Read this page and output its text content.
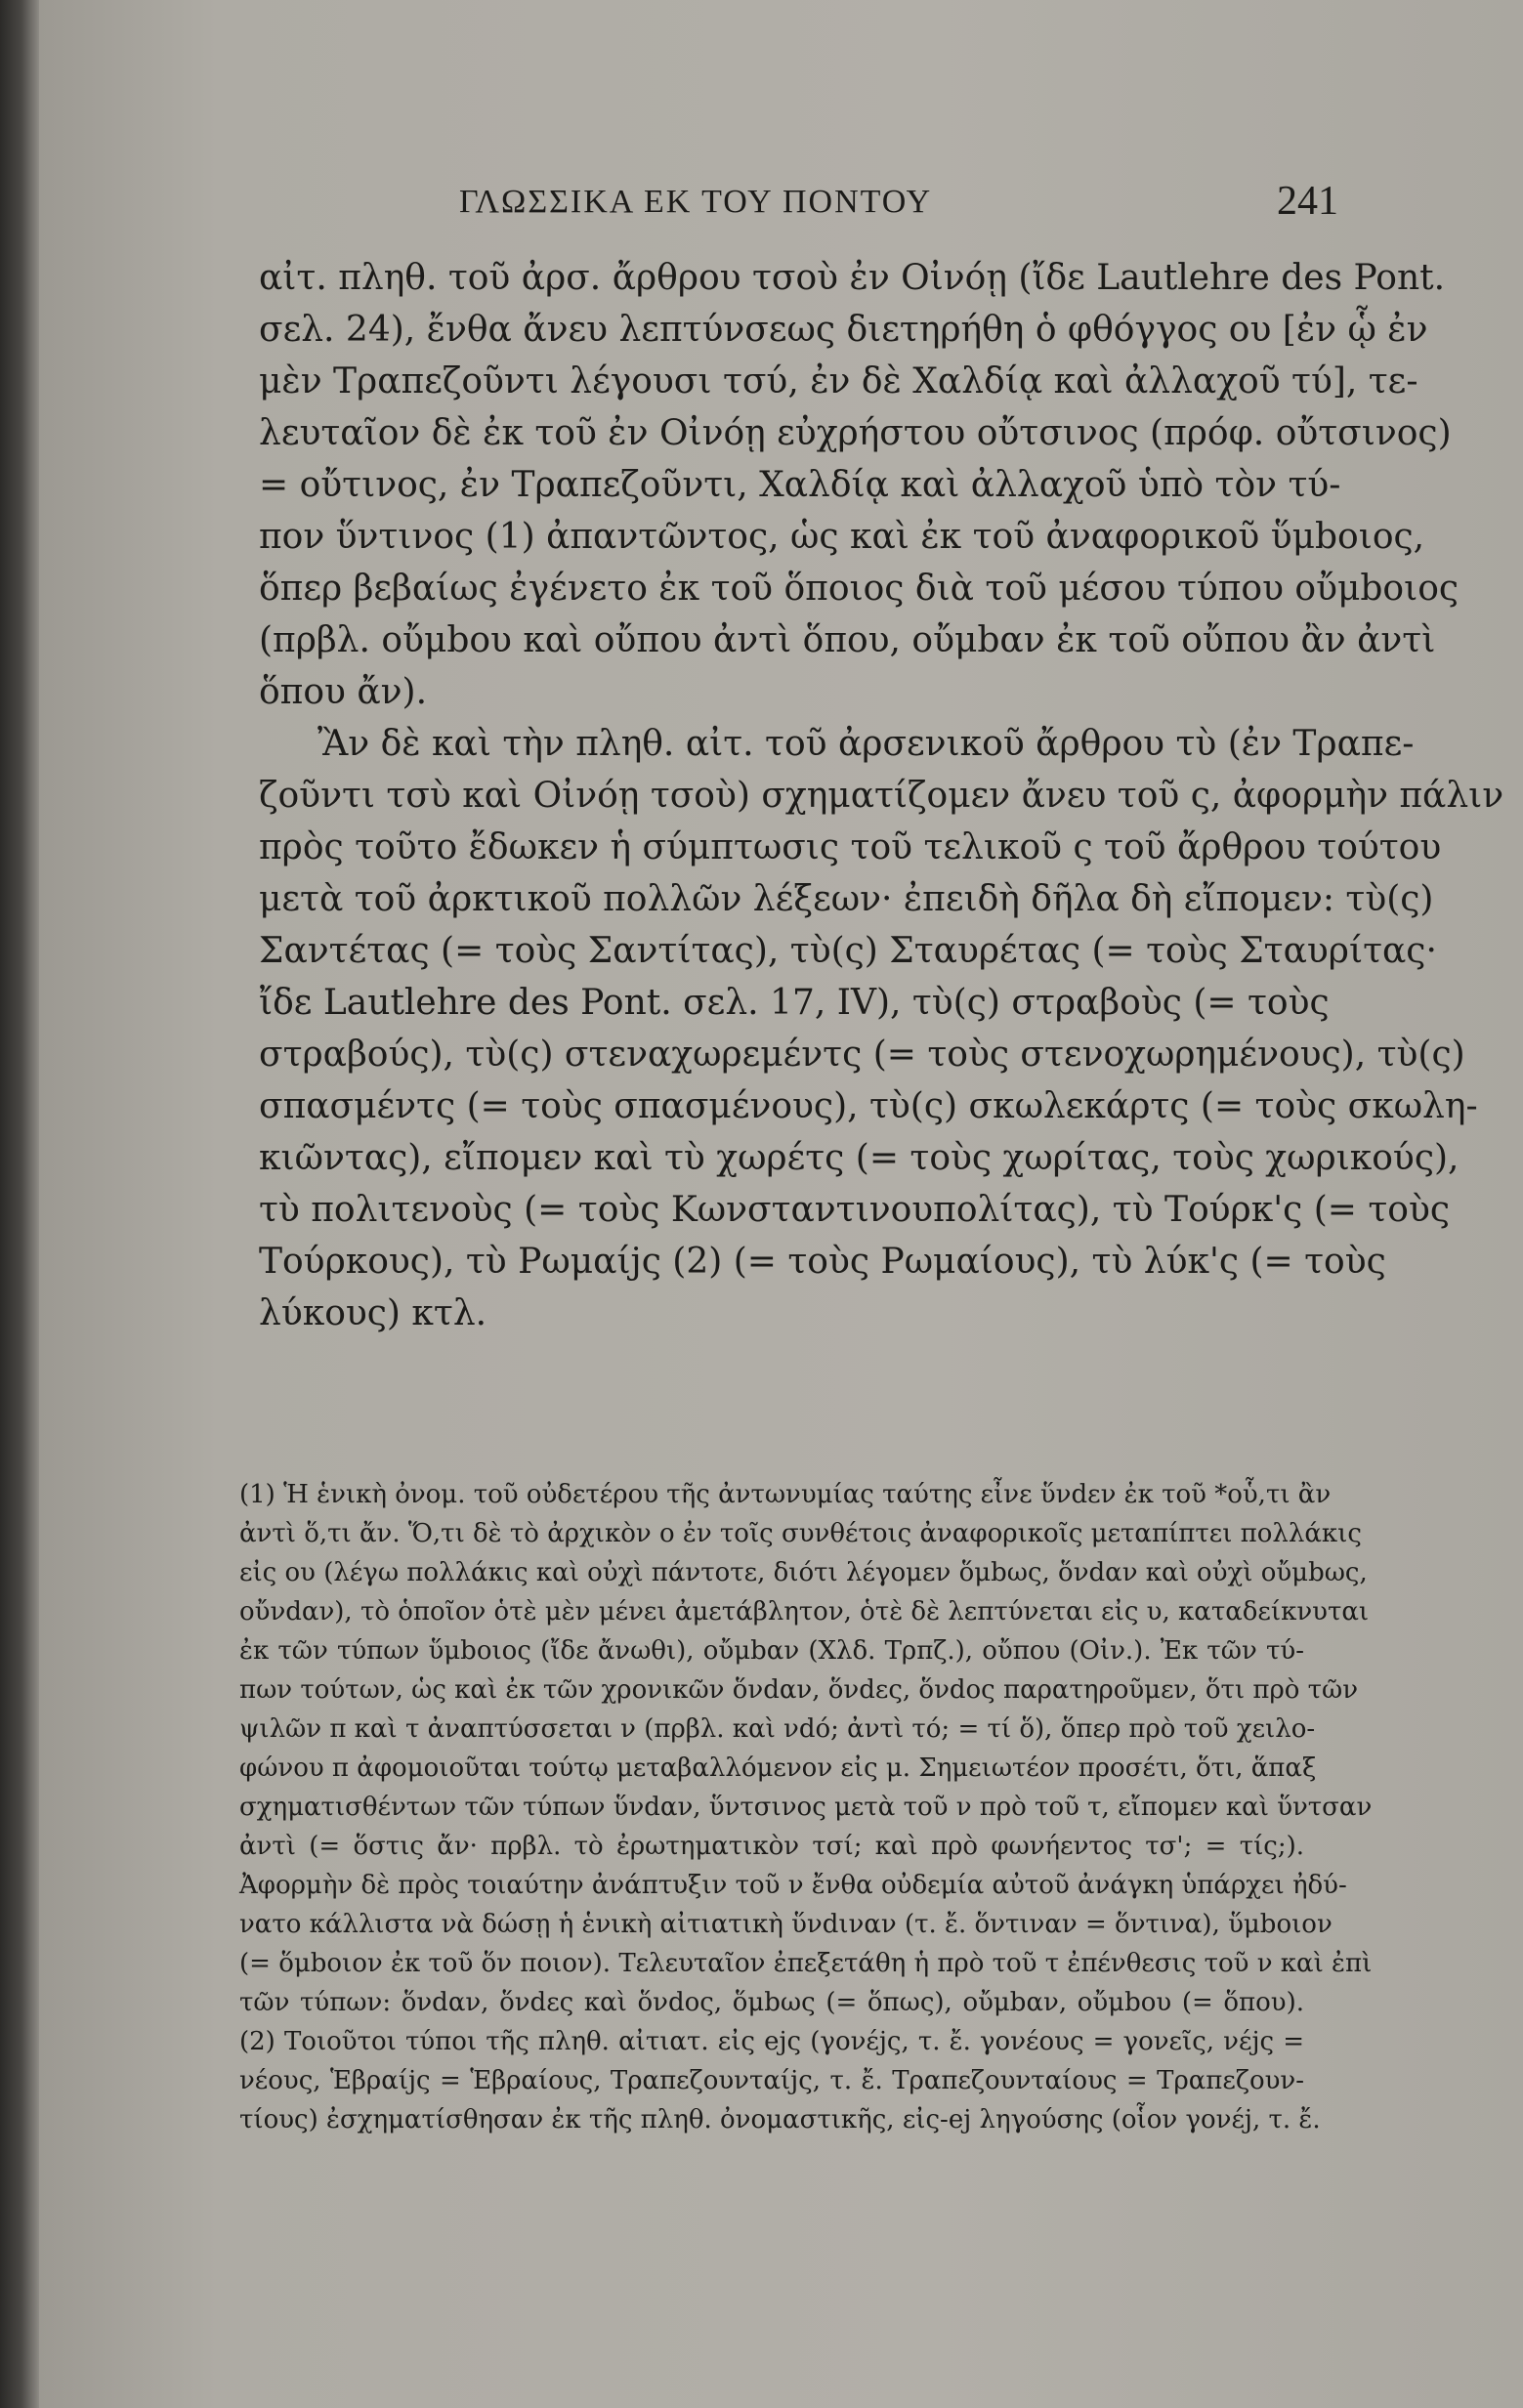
ΓΛΩΣΣΙΚΑ ΕΚ ΤΟΥ ΠΟΝΤΟΥ	241
αἰτ. πληθ. τοῦ ἀρσ. ἄρθρου τσοὺ ἐν Οἰνόῃ (ἴδε Lautlehre des Pont.
σελ. 24), ἔνθα ἄνευ λεπτύνσεως διετηρήθη ὁ φθόγγος ου [ἐν ᾧ ἐν
μὲν Τραπεζοῦντι λέγουσι τσύ, ἐν δὲ Χαλδίᾳ καὶ ἀλλαχοῦ τύ], τε-
λευταῖον δὲ ἐκ τοῦ ἐν Οἰνόῃ εὐχρήστου οὔτσινος (πρόφ. οὔτσινος)
= οὔτινος, ἐν Τραπεζοῦντι, Χαλδίᾳ καὶ ἀλλαχοῦ ὑπὸ τὸν τύ-
πον ὕντινος (1) ἀπαντῶντος, ὡς καὶ ἐκ τοῦ ἀναφορικοῦ ὕμbοιος,
ὅπερ βεβαίως ἐγένετο ἐκ τοῦ ὅποιος διὰ τοῦ μέσου τύπου οὔμbοιος
(πρβλ. οὔμbου καὶ οὔπου ἀντὶ ὅπου, οὔμbαν ἐκ τοῦ οὔπου ἂν ἀντὶ
ὅπου ἄν).
Ἂν δὲ καὶ τὴν πληθ. αἰτ. τοῦ ἀρσενικοῦ ἄρθρου τὺ (ἐν Τραπε-
ζοῦντι τσὺ καὶ Οἰνόῃ τσοὺ) σχηματίζομεν ἄνευ τοῦ ς, ἀφορμὴν πάλιν
πρὸς τοῦτο ἔδωκεν ἡ σύμπτωσις τοῦ τελικοῦ ς τοῦ ἄρθρου τούτου
μετὰ τοῦ ἀρκτικοῦ πολλῶν λέξεων· ἐπειδὴ δῆλα δὴ εἴπομεν: τὺ(ς)
Σαντέτας (= τοὺς Σαντίτας), τὺ(ς) Σταυρέτας (= τοὺς Σταυρίτας·
ἴδε Lautlehre des Pont. σελ. 17, IV), τὺ(ς) στραβοὺς (= τοὺς
στραβούς), τὺ(ς) στεναχωρεμέντς (= τοὺς στενοχωρημένους), τὺ(ς)
σπασμέντς (= τοὺς σπασμένους), τὺ(ς) σκωλεκάρτς (= τοὺς σκωλη-
κιῶντας), εἴπομεν καὶ τὺ χωρέτς (= τοὺς χωρίτας, τοὺς χωρικούς),
τὺ πολιτενοὺς (= τοὺς Κωνσταντινουπολίτας), τὺ Τούρκ'ς (= τοὺς
Τούρκους), τὺ Ρωμαίjς (2) (= τοὺς Ρωμαίους), τὺ λύκ'ς (= τοὺς
λύκους) κτλ.
(1) Ἡ ἑνικὴ ὀνομ. τοῦ οὐδετέρου τῆς ἀντωνυμίας ταύτης εἶνε ὕνdεν ἐκ τοῦ *οὗ,τι ἂν
ἀντὶ ὅ,τι ἄν. Ὅ,τι δὲ τὸ ἀρχικὸν ο ἐν τοῖς συνθέτοις ἀναφορικοῖς μεταπίπτει πολλάκις
εἰς ου (λέγω πολλάκις καὶ οὐχὶ πάντοτε, διότι λέγομεν ὅμbως, ὅνdαν καὶ οὐχὶ οὔμbως,
οὔνdαν), τὸ ὁποῖον ὁτὲ μὲν μένει ἀμετάβλητον, ὁτὲ δὲ λεπτύνεται εἰς υ, καταδείκνυται
ἐκ τῶν τύπων ὕμbοιος (ἴδε ἄνωθι), οὔμbαν (Χλδ. Τρπζ.), οὔπου (Οἰν.). Ἐκ τῶν τύ-
πων τούτων, ὡς καὶ ἐκ τῶν χρονικῶν ὅνdαν, ὅνdες, ὅνdος παρατηροῦμεν, ὅτι πρὸ τῶν
ψιλῶν π καὶ τ ἀναπτύσσεται ν (πρβλ. καὶ νdό; ἀντὶ τό; = τί ὅ), ὅπερ πρὸ τοῦ χειλο-
φώνου π ἀφομοιοῦται τούτῳ μεταβαλλόμενον εἰς μ. Σημειωτέον προσέτι, ὅτι, ἅπαξ
σχηματισθέντων τῶν τύπων ὕνdαν, ὕντσινος μετὰ τοῦ ν πρὸ τοῦ τ, εἴπομεν καὶ ὕντσαν
ἀντὶ (= ὅστις ἄν· πρβλ. τὸ ἐρωτηματικὸν τσί; καὶ πρὸ φωνήεντος τσ'; = τίς;).
Ἀφορμὴν δὲ πρὸς τοιαύτην ἀνάπτυξιν τοῦ ν ἔνθα οὐδεμία αὐτοῦ ἀνάγκη ὑπάρχει ἠδύ-
νατο κάλλιστα νὰ δώσῃ ἡ ἑνικὴ αἰτιατικὴ ὕνdιναν (τ. ἔ. ὅντιναν = ὅντινα), ὕμbοιον
(= ὅμbοιον ἐκ τοῦ ὅν ποιον). Τελευταῖον ἐπεξετάθη ἡ πρὸ τοῦ τ ἐπένθεσις τοῦ ν καὶ ἐπὶ
τῶν τύπων: ὅνdαν, ὅνdες καὶ ὅνdος, ὅμbως (= ὅπως), οὔμbαν, οὔμbου (= ὅπου).
(2) Τοιοῦτοι τύποι τῆς πληθ. αἰτιατ. εἰς ejς (γονέjς, τ. ἔ. γονέους = γονεῖς, νέjς =
νέους, Ἑβραίjς = Ἑβραίους, Τραπεζουνταίjς, τ. ἔ. Τραπεζουνταίους = Τραπεζουν-
τίους) ἐσχηματίσθησαν ἐκ τῆς πληθ. ὀνομαστικῆς, εἰς-ej ληγούσης (οἷον γονέj, τ. ἔ.
